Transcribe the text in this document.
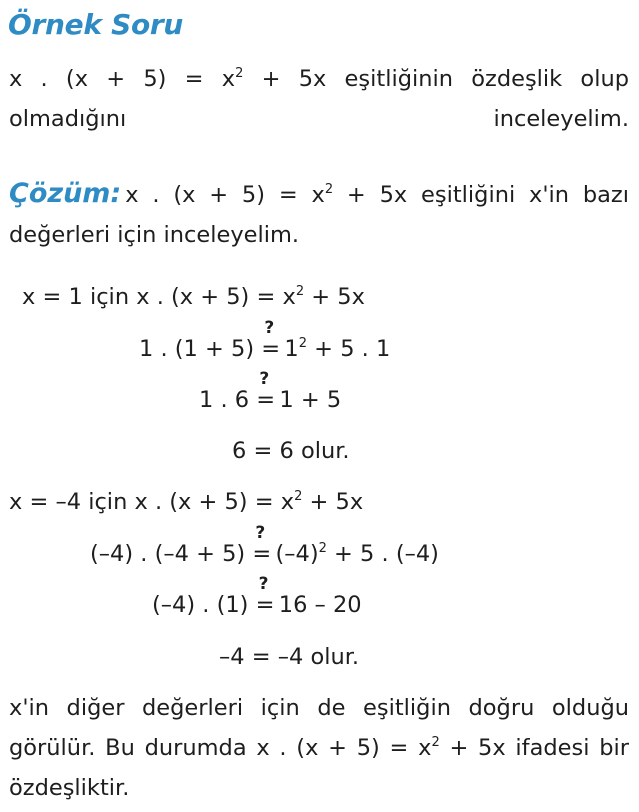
Örnek Soru
x . $(x + 5) = x^2 + 5x$ eşitliğinin özdeşlik olup olmadığını inceleyelim.
Çözüm: x . $(x + 5) = x^2 + 5x$ eşitliğini x'in bazı değerleri için inceleyelim.
x = 1 için x . $(x + 5) = x^2 + 5x$
1 . (1 + 5)
?
= $1^2 + 5$ . 1
1 . 6
?
= 1 + 5
6 = 6 olur.
x = –4 için x . $(x + 5) = x^2 + 5x$
(–4) . (–4 + 5)
?
= $(-4)^2 + 5$ . (–4)
(–4) . (1)
?
= 16 – 20
–4 = –4 olur.
x'in diğer değerleri için de eşitliğin doğru olduğu görülür. Bu durumda x . $(x + 5) = x^2 + 5x$ ifadesi bir özdeşliktir.
